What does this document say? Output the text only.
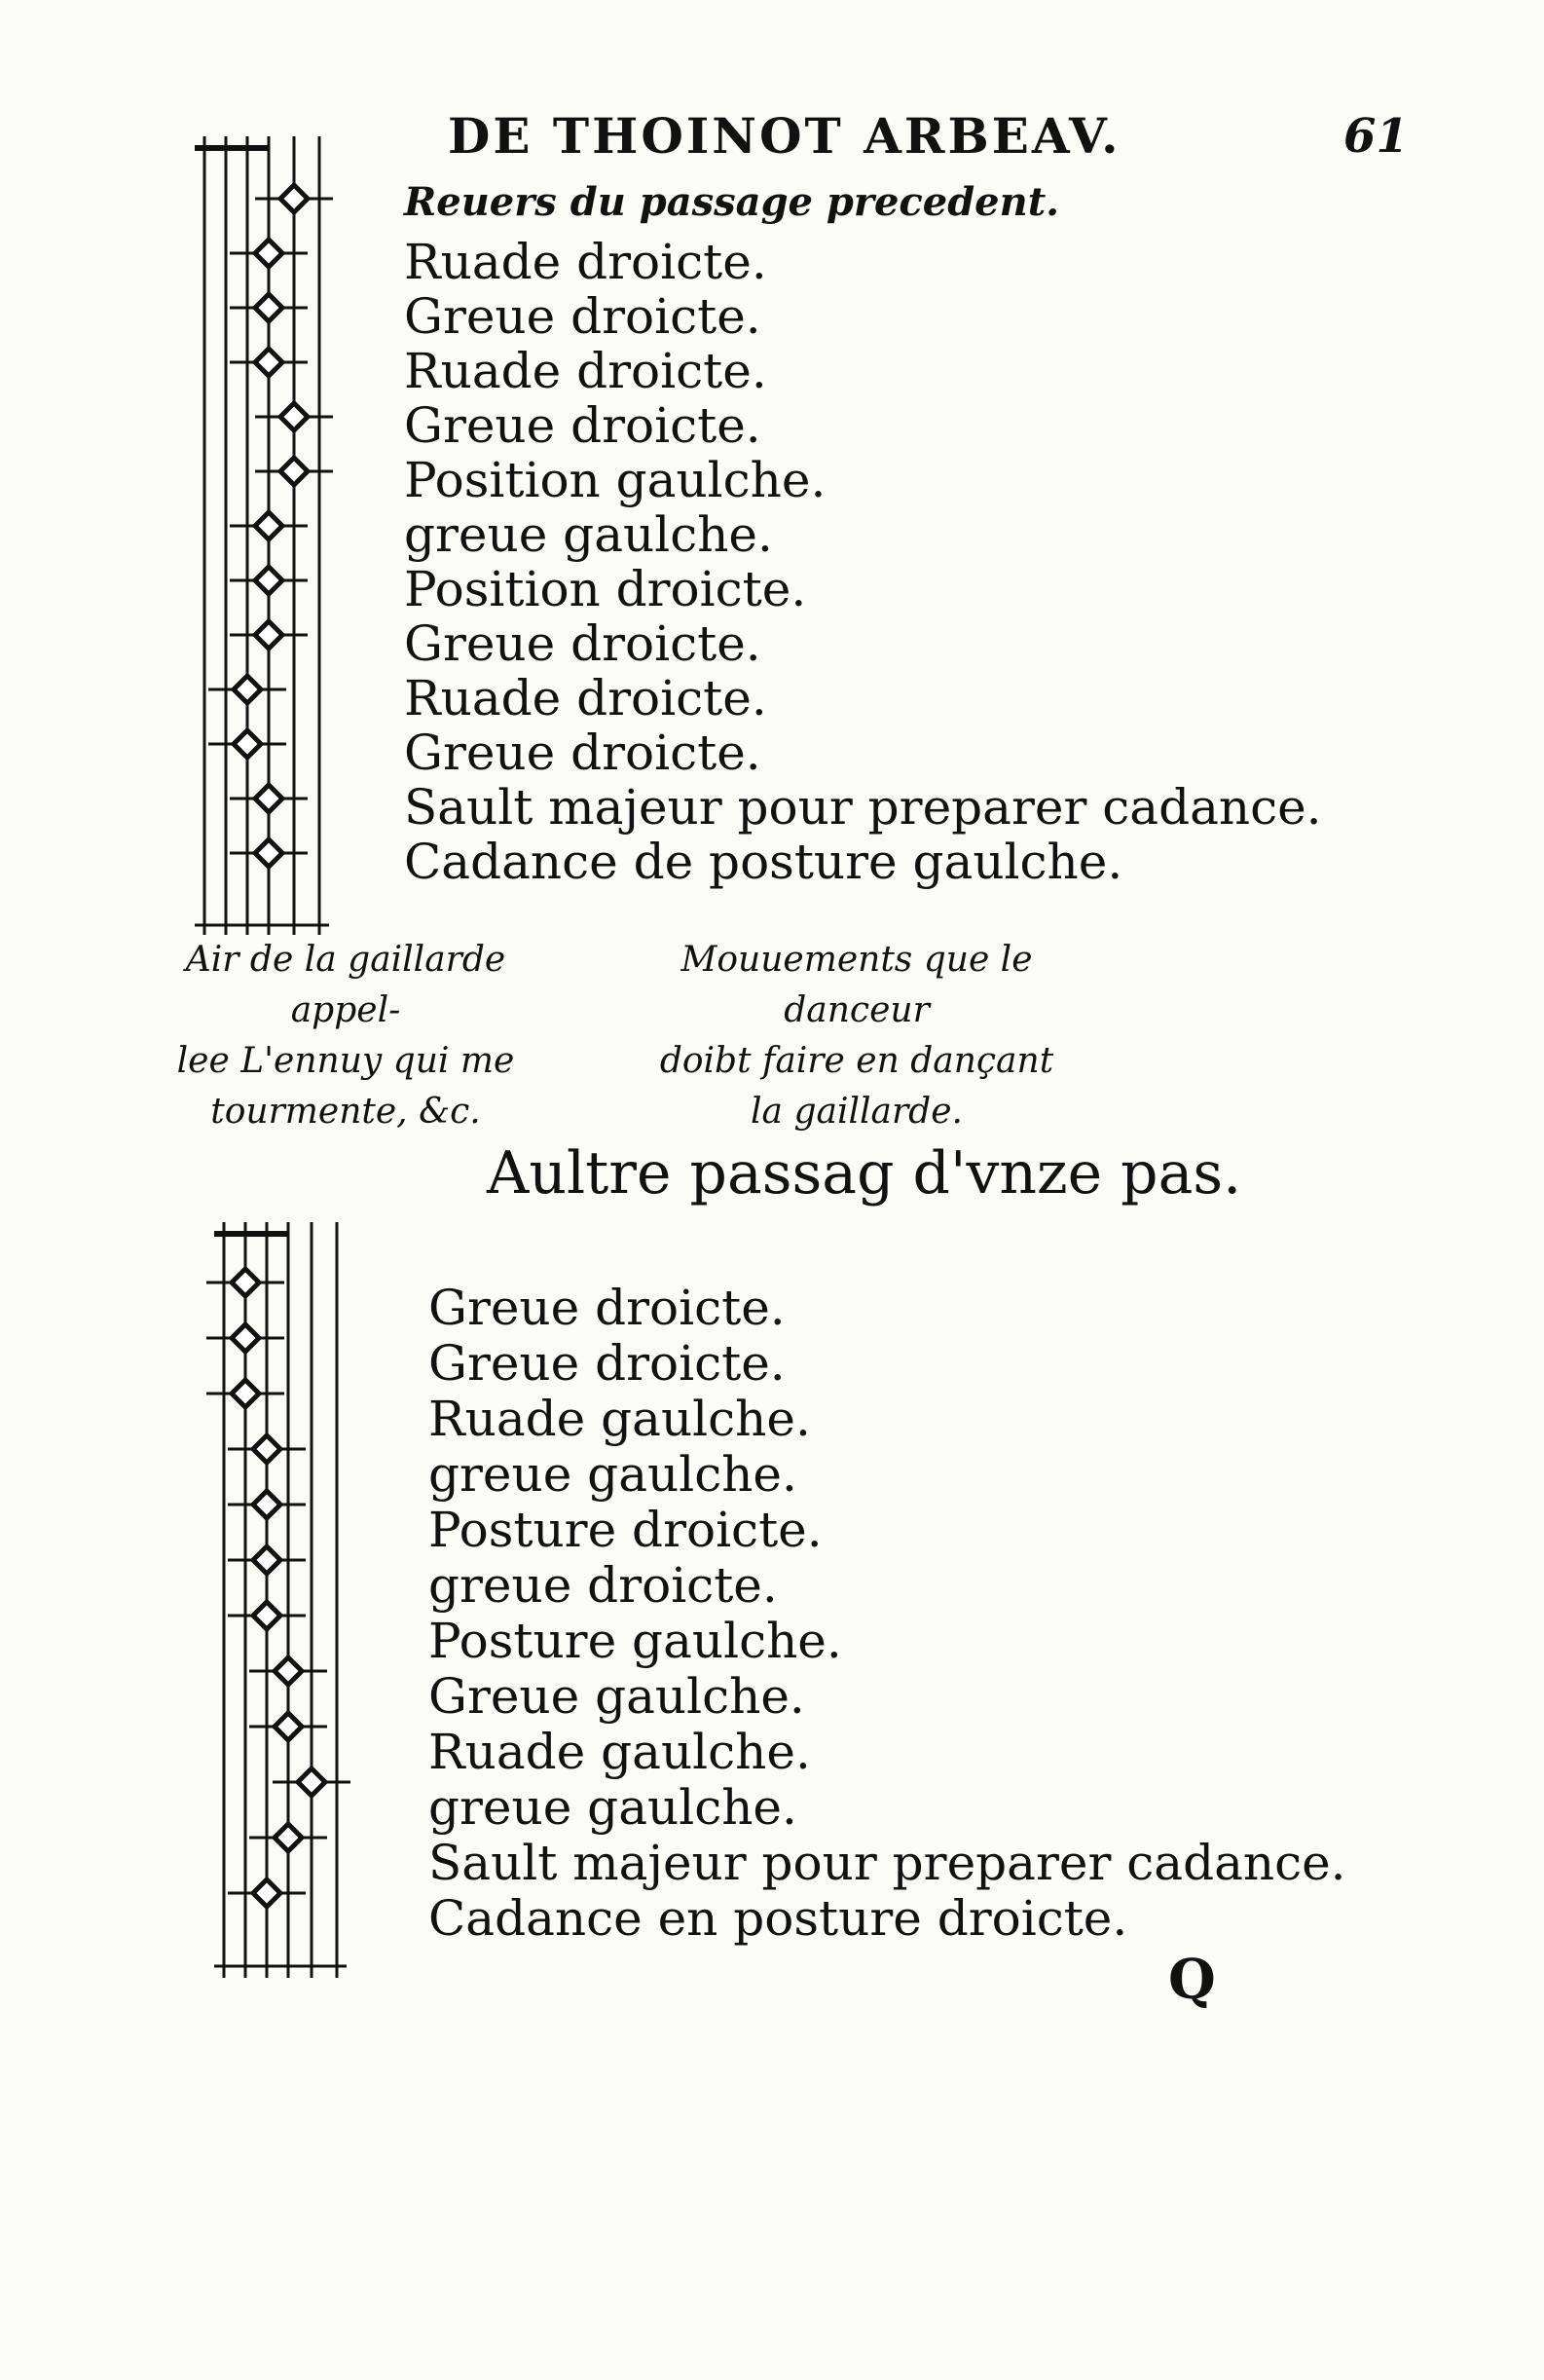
DE THOINOT ARBEAV.	61
Reuers du passage precedent.
Ruade droicte.
Greue droicte.
Ruade droicte.
Greue droicte.
Position gaulche.
greue gaulche.
Position droicte.
Greue droicte.
Ruade droicte.
Greue droicte.
Sault majeur pour preparer cadance.
Cadance de posture gaulche.
Air de la gaillarde appel-
lee L'ennuy qui me
tourmente, &c.
Mouuements que le danceur
doibt faire en dançant
la gaillarde.
Aultre passag d'vnze pas.
Greue droicte.
Greue droicte.
Ruade gaulche.
greue gaulche.
Posture droicte.
greue droicte.
Posture gaulche.
Greue gaulche.
Ruade gaulche.
greue gaulche.
Sault majeur pour preparer cadance.
Cadance en posture droicte.
Q
